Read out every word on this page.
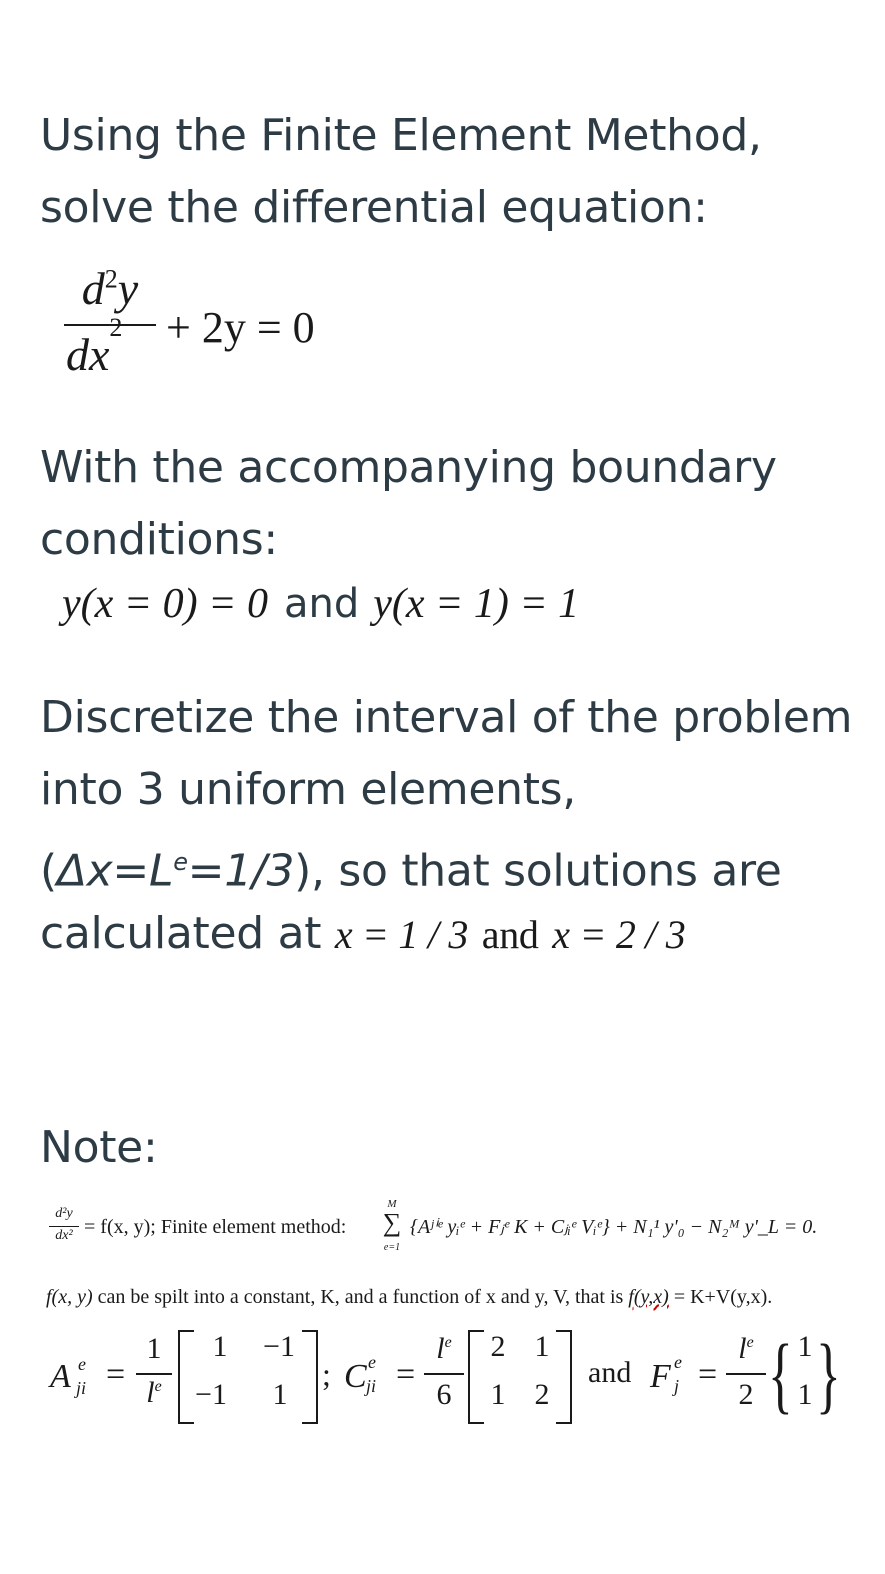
Using the Finite Element Method,
solve the differential equation:
$d^2y$
$dx^2 + 2y = 0$
With the accompanying boundary
conditions:
y(x = 0) = 0 and y(x = 1) = 1
Discretize the interval of the problem
into 3 uniform elements,
$(\Delta x=L^e=1/3)$, so that solutions are
calculated at x = 1 / 3 and x = 2 / 3
Note:
d²y
dx² = f(x, y); Finite element method:
M
∑
e=1
{Aʲⁱᵉ yᵢᵉ + Fⱼᵉ K + Cⱼᵢᵉ Vᵢᵉ} + N₁¹ y'₀ − N₂ᴹ y'_L = 0.
f(x, y) can be spilt into a constant, K, and a function of x and y, V, that is f(y,x) = K+V(y,x).
A e
ji =
1
$l^e$
1	−1
−1	1
; C e
ji =
$l^e$
6
2 1
1 2
and F e
j =
$l^e$
2 { 1
1 }
